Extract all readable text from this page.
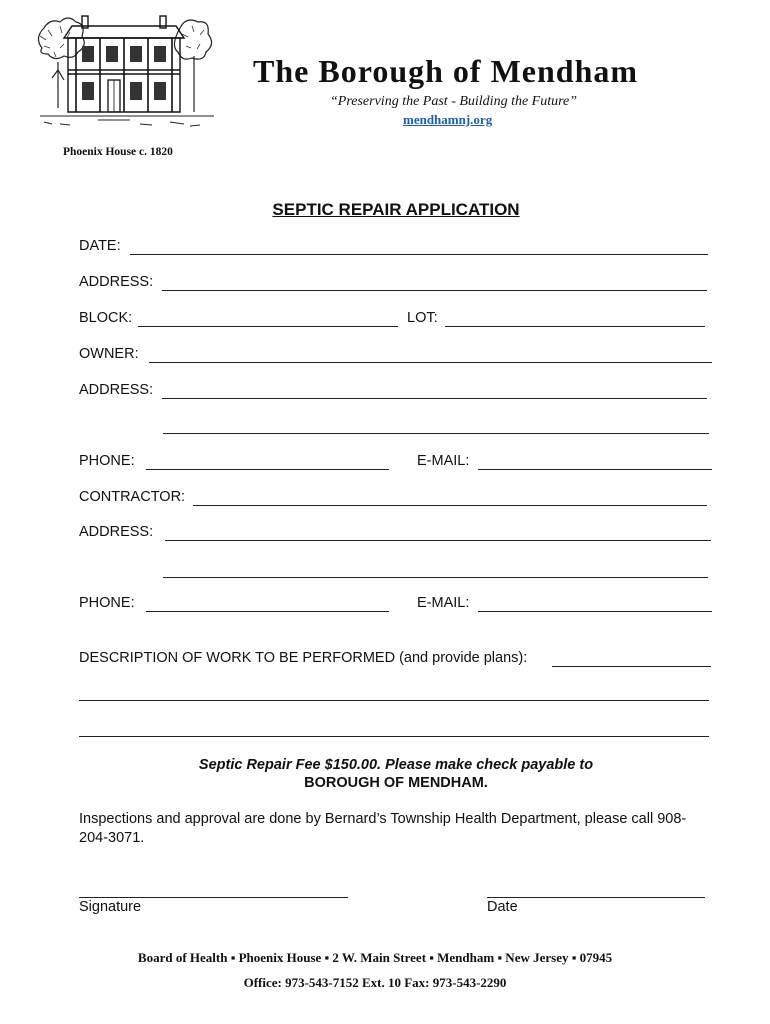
Phoenix House c. 1820
The Borough of Mendham
“Preserving the Past - Building the Future”
mendhamnj.org
SEPTIC REPAIR APPLICATION
DATE:
ADDRESS:
BLOCK:	LOT:
OWNER:
ADDRESS:
PHONE:	E-MAIL:
CONTRACTOR:
ADDRESS:
PHONE:	E-MAIL:
DESCRIPTION OF WORK TO BE PERFORMED (and provide plans):
Septic Repair Fee $150.00. Please make check payable to
BOROUGH OF MENDHAM.
Inspections and approval are done by Bernard’s Township Health Department, please call 908-204-3071.
Signature	Date
Board of Health ▪ Phoenix House ▪ 2 W. Main Street ▪ Mendham ▪ New Jersey ▪ 07945
Office: 973-543-7152 Ext. 10 Fax: 973-543-2290
